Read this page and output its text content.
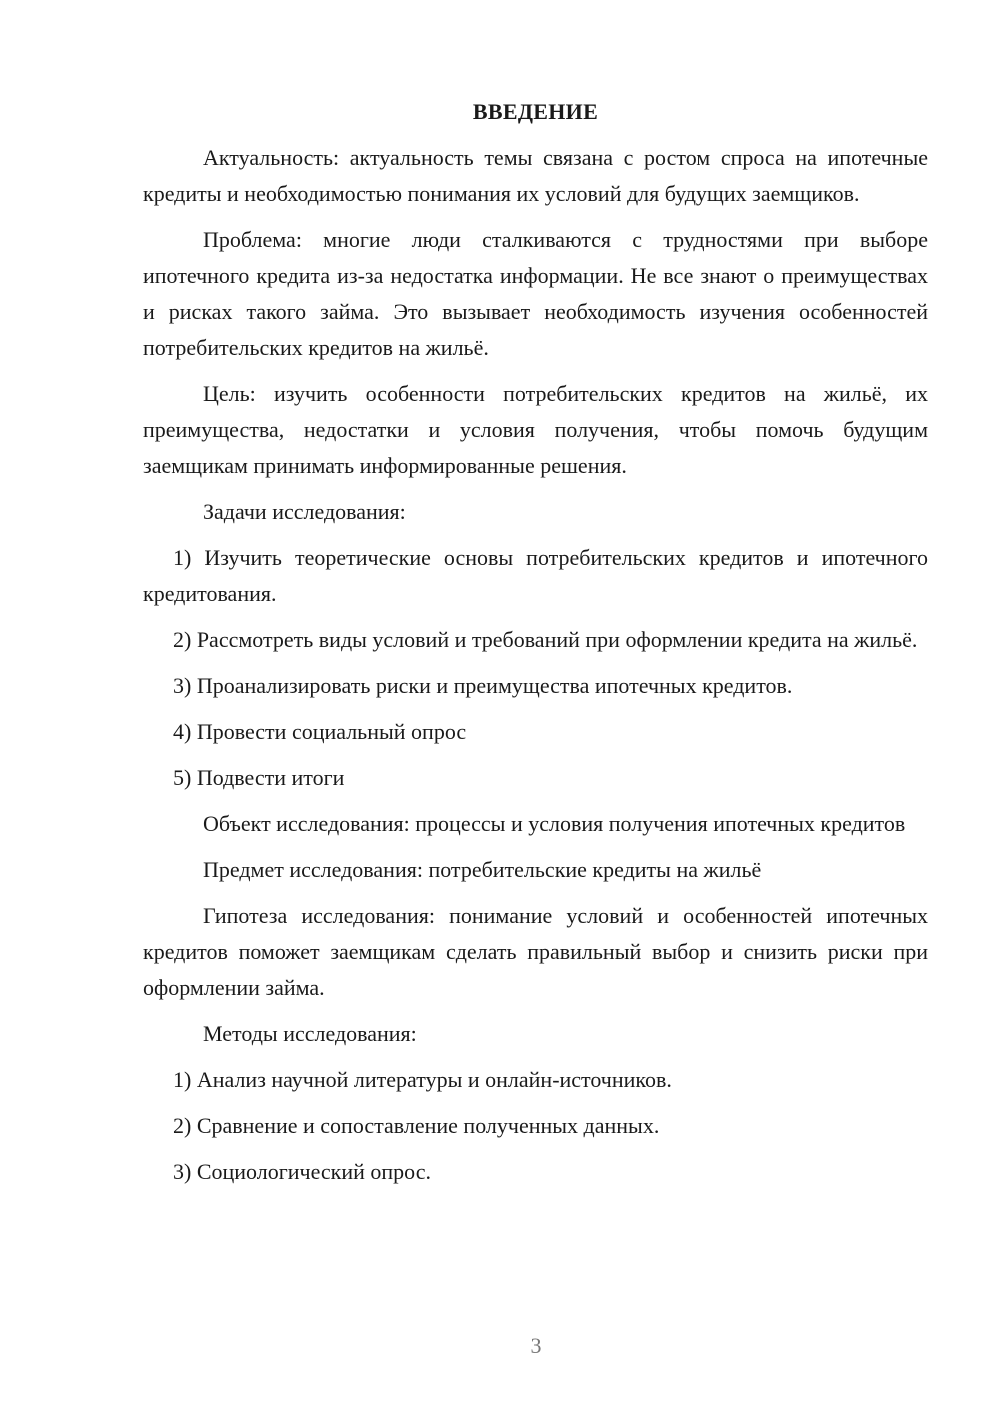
ВВЕДЕНИЕ

Актуальность: актуальность темы связана с ростом спроса на ипотечные кредиты и необходимостью понимания их условий для будущих заемщиков.

Проблема: многие люди сталкиваются с трудностями при выборе ипотечного кредита из-за недостатка информации. Не все знают о преимуществах и рисках такого займа. Это вызывает необходимость изучения особенностей потребительских кредитов на жильё.

Цель: изучить особенности потребительских кредитов на жильё, их преимущества, недостатки и условия получения, чтобы помочь будущим заемщикам принимать информированные решения.

Задачи исследования:

1) Изучить теоретические основы потребительских кредитов и ипотечного кредитования.

2) Рассмотреть виды условий и требований при оформлении кредита на жильё.

3) Проанализировать риски и преимущества ипотечных кредитов.

4) Провести социальный опрос

5) Подвести итоги

Объект исследования: процессы и условия получения ипотечных кредитов

Предмет исследования: потребительские кредиты на жильё

Гипотеза исследования: понимание условий и особенностей ипотечных кредитов поможет заемщикам сделать правильный выбор и снизить риски при оформлении займа.

Методы исследования:

1) Анализ научной литературы и онлайн-источников.

2) Сравнение и сопоставление полученных данных.

3) Социологический опрос.

3
